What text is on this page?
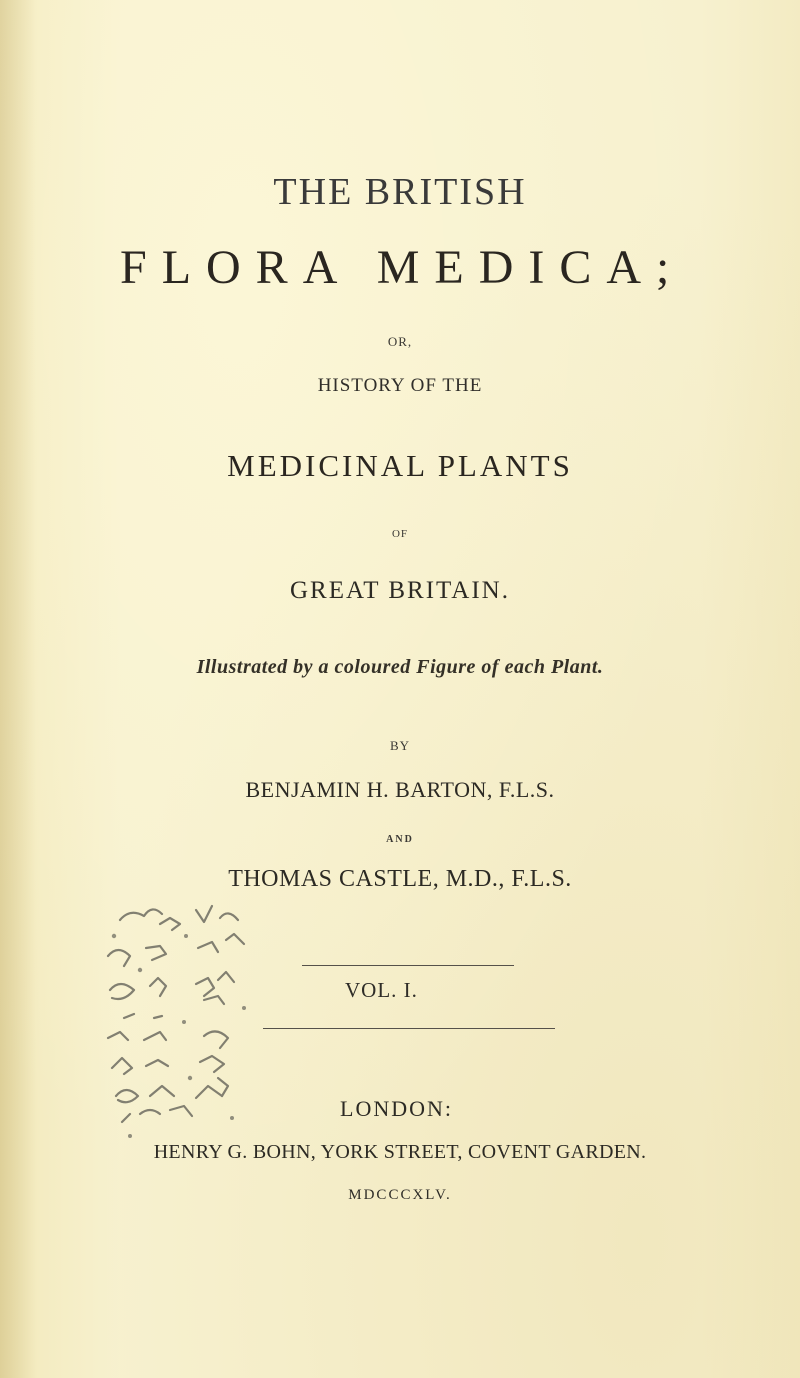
THE BRITISH
FLORA MEDICA;
OR,
HISTORY OF THE
MEDICINAL PLANTS
OF
GREAT BRITAIN.
Illustrated by a coloured Figure of each Plant.
BY
BENJAMIN H. BARTON, F.L.S.
AND
THOMAS CASTLE, M.D., F.L.S.
VOL. I.
LONDON:
HENRY G. BOHN, YORK STREET, COVENT GARDEN.
MDCCCXLV.
